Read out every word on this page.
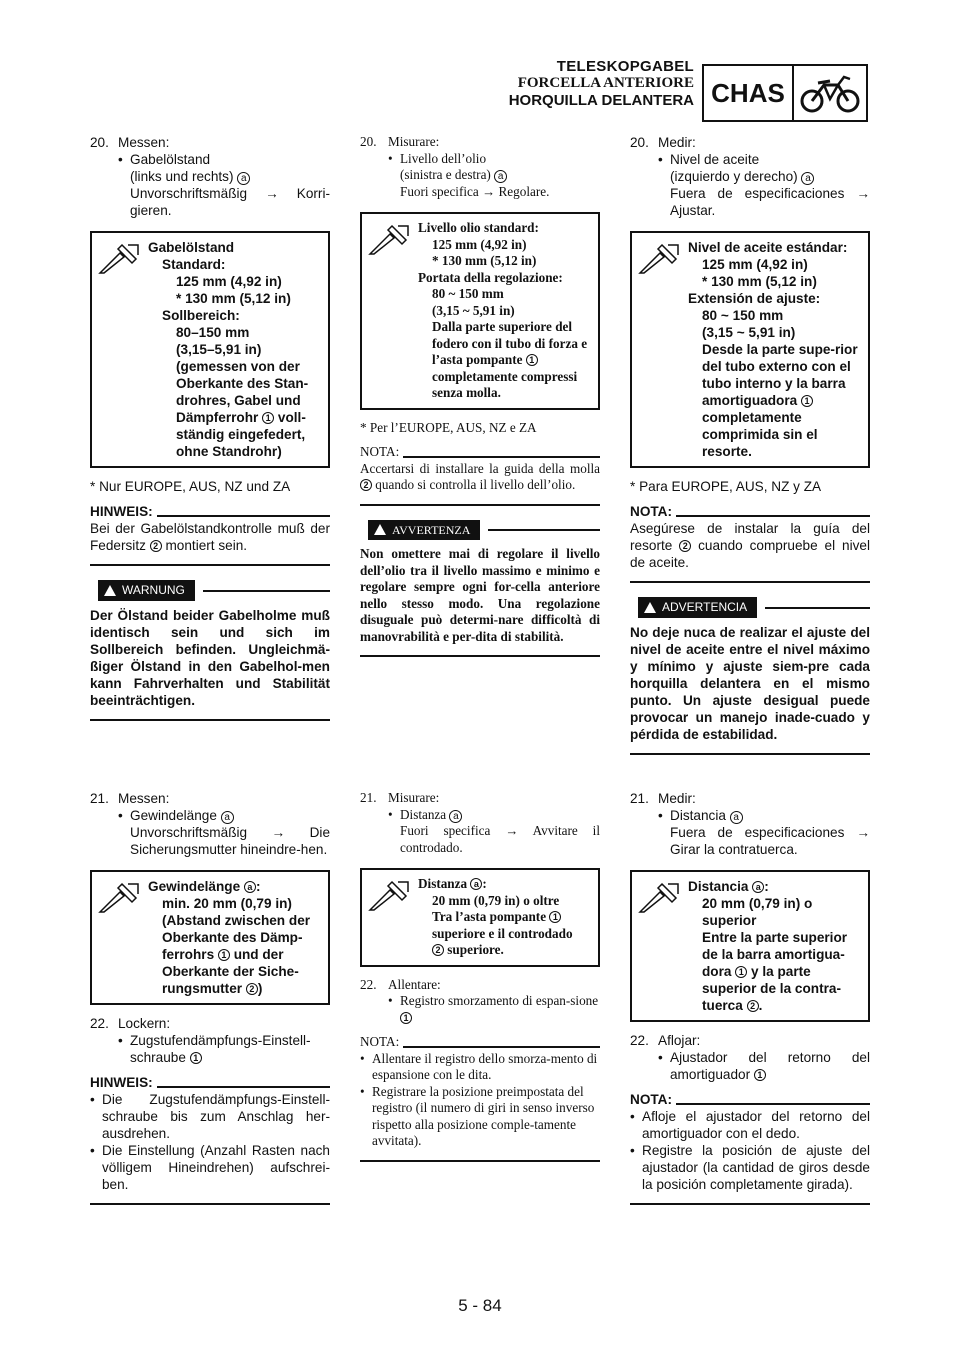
TELESKOPGABEL
FORCELLA ANTERIORE
HORQUILLA DELANTERA CHAS
20. Messen:
• Gabelölstand
(links und rechts) a
Unvorschriftsmäßig → Korri-gieren.
Gabelölstand
Standard:
125 mm (4,92 in)
* 130 mm (5,12 in)
Sollbereich:
80–150 mm
(3,15–5,91 in)
(gemessen von der Oberkante des Stan-drohres, Gabel und Dämpferrohr 1 voll-ständig eingefedert, ohne Standrohr)
* Nur EUROPE, AUS, NZ und ZA
HINWEIS:
Bei der Gabelölstandkontrolle muß der Federsitz 2 montiert sein.
WARNUNG
Der Ölstand beider Gabelholme muß identisch sein und sich im Sollbereich befinden. Ungleichmä-ßiger Ölstand in den Gabelhol-men kann Fahrverhalten und Stabilität beeinträchtigen.
20. Misurare:
• Livello dell’olio
(sinistra e destra) a
Fuori specifica → Regolare.
Livello olio standard:
125 mm (4,92 in)
* 130 mm (5,12 in)
Portata della regolazione:
80 ~ 150 mm
(3,15 ~ 5,91 in)
Dalla parte superiore del fodero con il tubo di forza e l’asta pompante 1 completamente compressi senza molla.
* Per l’EUROPE, AUS, NZ e ZA
NOTA:
Accertarsi di installare la guida della molla 2 quando si controlla il livello dell’olio.
AVVERTENZA
Non omettere mai di regolare il livello dell’olio tra il livello massimo e minimo e regolare sempre ogni for-cella anteriore nello stesso modo. Una regolazione disuguale può determi-nare difficoltà di manovrabilità e per-dita di stabilità.
20. Medir:
• Nivel de aceite
(izquierdo y derecho) a
Fuera de especificaciones → Ajustar.
Nivel de aceite estándar:
125 mm (4,92 in)
* 130 mm (5,12 in)
Extensión de ajuste:
80 ~ 150 mm
(3,15 ~ 5,91 in)
Desde la parte supe-rior del tubo externo con el tubo interno y la barra amortiguadora 1 completamente comprimida sin el resorte.
* Para EUROPE, AUS, NZ y ZA
NOTA:
Asegúrese de instalar la guía del resorte 2 cuando compruebe el nivel de aceite.
ADVERTENCIA
No deje nuca de realizar el ajuste del nivel de aceite entre el nivel máximo y mínimo y ajuste siem-pre cada horquilla delantera en el mismo punto. Un ajuste desigual puede provocar un manejo inade-cuado y pérdida de estabilidad.
21. Messen:
• Gewindelänge a
Unvorschriftsmäßig → Die Sicherungsmutter hineindre-hen.
Gewindelänge a :
min. 20 mm (0,79 in) (Abstand zwischen der Oberkante des Dämp-ferrohrs 1 und der Oberkante der Siche-rungsmutter 2 )
22. Lockern:
• Zugstufendämpfungs-Einstell-schraube 1
HINWEIS:
• Die Zugstufendämpfungs-Einstell-schraube bis zum Anschlag her-ausdrehen.
• Die Einstellung (Anzahl Rasten nach völligem Hineindrehen) aufschrei-ben.
21. Misurare:
• Distanza a
Fuori specifica → Avvitare il controdado.
Distanza a :
20 mm (0,79 in) o oltre
Tra l’asta pompante 1
superiore e il controdado
2 superiore.
22. Allentare:
• Registro smorzamento di espan-sione 1
NOTA:
• Allentare il registro dello smorza-mento di espansione con le dita.
• Registrare la posizione preimpostata del registro (il numero di giri in senso inverso rispetto alla posizione comple-tamente avvitata).
21. Medir:
• Distancia a
Fuera de especificaciones → Girar la contratuerca.
Distancia a :
20 mm (0,79 in) o superior
Entre la parte superior de la barra amortigua-dora 1 y la parte superior de la contra-tuerca 2 .
22. Aflojar:
• Ajustador del retorno del amortiguador 1
NOTA:
• Afloje el ajustador del retorno del amortiguador con el dedo.
• Registre la posición de ajuste del ajustador (la cantidad de giros desde la posición completamente girada).
5 - 84
